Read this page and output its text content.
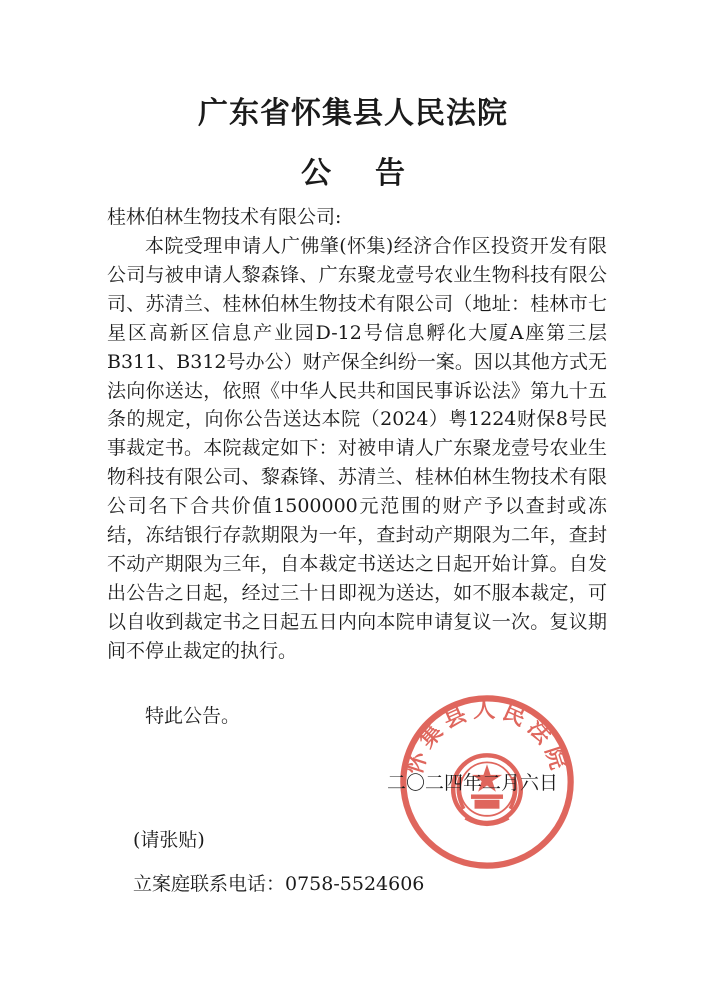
广东省怀集县人民法院
公告

桂林伯林生物技术有限公司:

本院受理申请人广佛肇(怀集)经济合作区投资开发有限公司与被申请人黎森锋、广东聚龙壹号农业生物科技有限公司、苏清兰、桂林伯林生物技术有限公司（地址：桂林市七星区高新区信息产业园D-12号信息孵化大厦A座第三层B311、B312号办公）财产保全纠纷一案。因以其他方式无法向你送达，依照《中华人民共和国民事诉讼法》第九十五条的规定，向你公告送达本院（2024）粤1224财保8号民事裁定书。本院裁定如下：对被申请人广东聚龙壹号农业生物科技有限公司、黎森锋、苏清兰、桂林伯林生物技术有限公司名下合共价值1500000元范围的财产予以查封或冻结，冻结银行存款期限为一年，查封动产期限为二年，查封不动产期限为三年，自本裁定书送达之日起开始计算。自发出公告之日起，经过三十日即视为送达，如不服本裁定，可以自收到裁定书之日起五日内向本院申请复议一次。复议期间不停止裁定的执行。

特此公告。

怀集县人民法院

二〇二四年二月六日

(请张贴)

立案庭联系电话：0758-5524606
